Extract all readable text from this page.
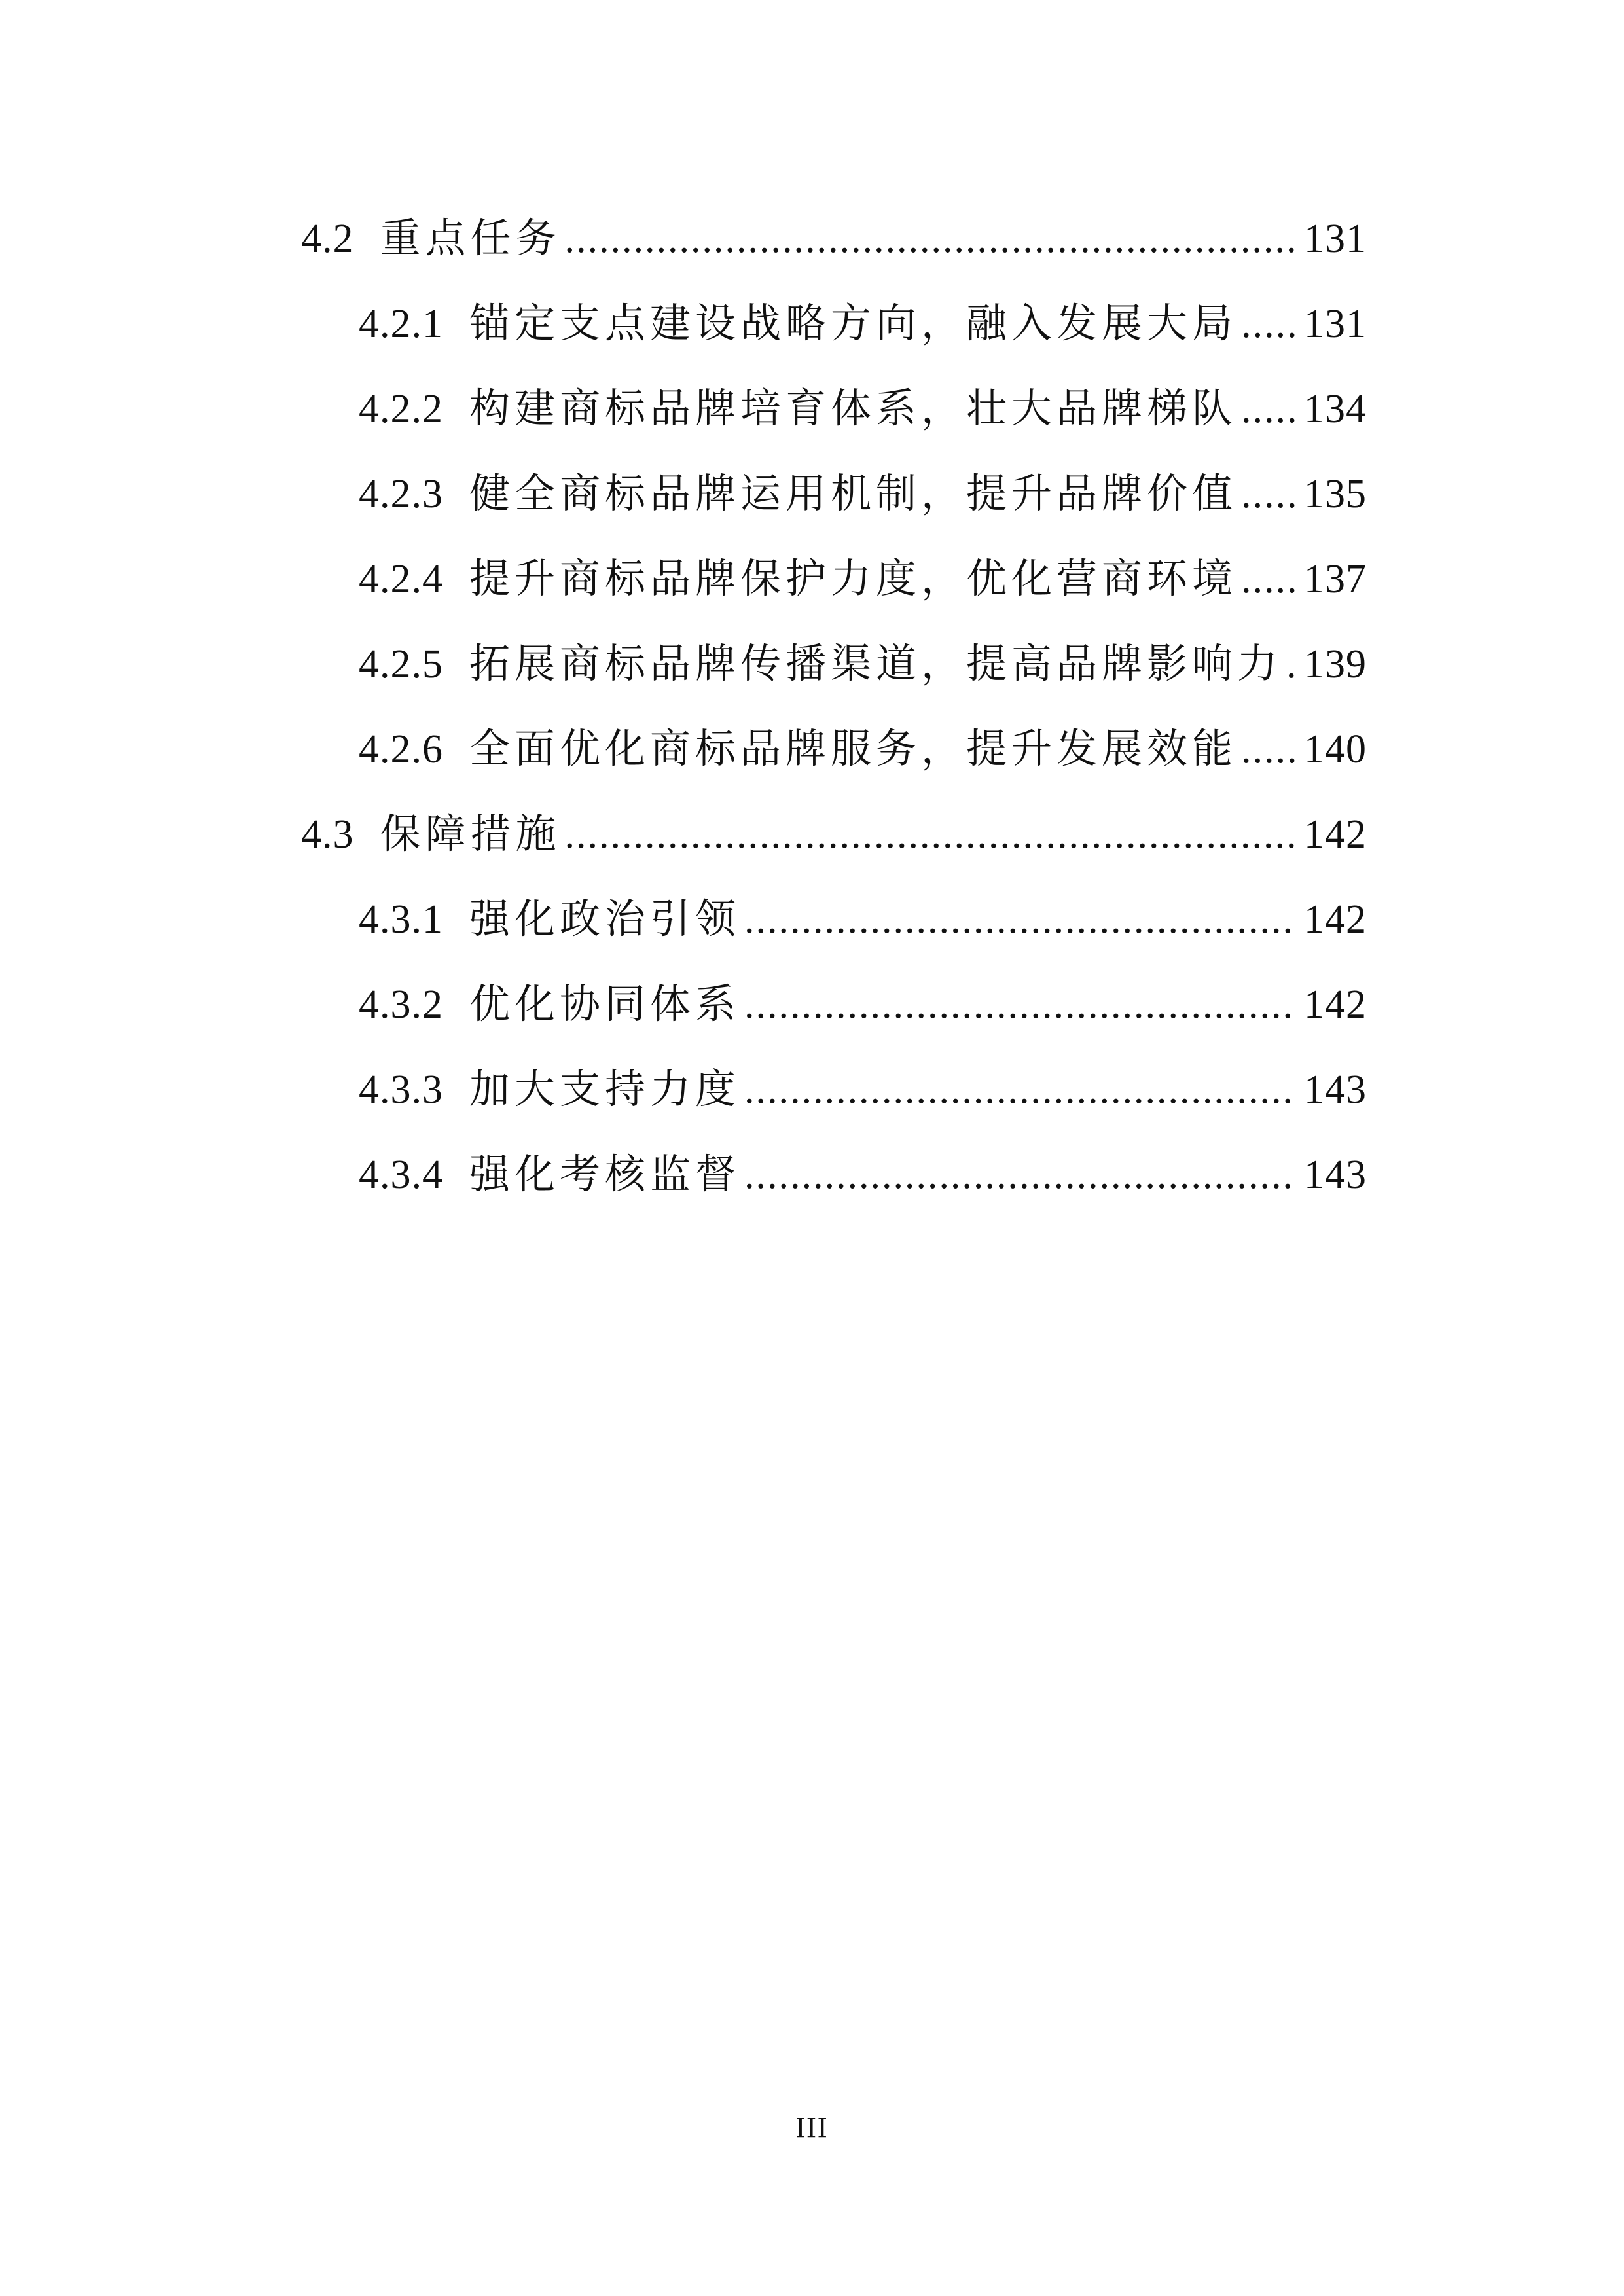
4.2 重点任务 .....	131
4.2.1 锚定支点建设战略方向，融入发展大局 ..... 131
4.2.2 构建商标品牌培育体系，壮大品牌梯队 ..... 134
4.2.3 健全商标品牌运用机制，提升品牌价值 ..... 135
4.2.4 提升商标品牌保护力度，优化营商环境 ..... 137
4.2.5 拓展商标品牌传播渠道，提高品牌影响力 ..... 139
4.2.6 全面优化商标品牌服务，提升发展效能 ..... 140
4.3 保障措施 .....	142
4.3.1 强化政治引领 .....	142
4.3.2 优化协同体系 .....	142
4.3.3 加大支持力度 .....	143
4.3.4 强化考核监督 .....	143
III
